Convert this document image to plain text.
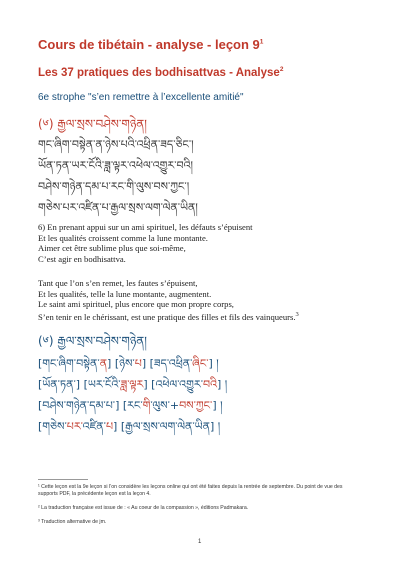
Cours de tibétain - analyse - leçon $9^1$
Les 37 pratiques des bodhisattvas - Analyse$^2$
6e strophe "s’en remettre à l’excellente amitié"
(༦) རྒྱལ་སྲས་བཤེས་གཉེན།
གང་ཞིག་བསྟེན་ན་ཉེས་པའི་འཕྲིན་ཟད་ཅིང་།
ཡོན་ཏན་ཡར་ངོའི་ཟླ་ལྟར་འཕེལ་འགྱུར་བའི།
བཤེས་གཉེན་དམ་པ་རང་གི་ལུས་བས་ཀྱང་།
གཅེས་པར་འཛིན་པ་རྒྱལ་སྲས་ལག་ལེན་ཡིན།
6) En prenant appui sur un ami spirituel, les défauts s’épuisent
Et les qualités croissent comme la lune montante.
Aimer cet être sublime plus que soi-même,
C’est agir en bodhisattva.
Tant que l’on s’en remet, les fautes s’épuisent,
Et les qualités, telle la lune montante, augmentent.
Le saint ami spirituel, plus encore que mon propre corps,
S’en tenir en le chérissant, est une pratique des filles et fils des vainqueurs.$^3$
(༦) རྒྱལ་སྲས་བཤེས་གཉེན།
[གང་ཞིག་བསྟེན་ན] [ཉེས་པ] [ཟད་འཕྲིན་ཞིང་] །
[ཡོན་ཏན་] [ཡར་ངོའི་ཟླ་ལྟར] [འཕེལ་འགྱུར་བའི] །
[བཤེས་གཉེན་དམ་པ་] [རང་གི་ལུས་+བས་ཀྱང་] །
[གཅེས་པར་འཛིན་པ] [རྒྱལ་སྲས་ལག་ལེན་ཡིན] །
¹ Cette leçon est la 9e leçon si l’on considère les leçons online qui ont été faites depuis la rentrée de septembre. Du point de vue des supports PDF, la précédente leçon est la leçon 4.
² La traduction française est issue de : « Au coeur de la compassion », éditions Padmakara.
³ Traduction alternative de jm.
1
